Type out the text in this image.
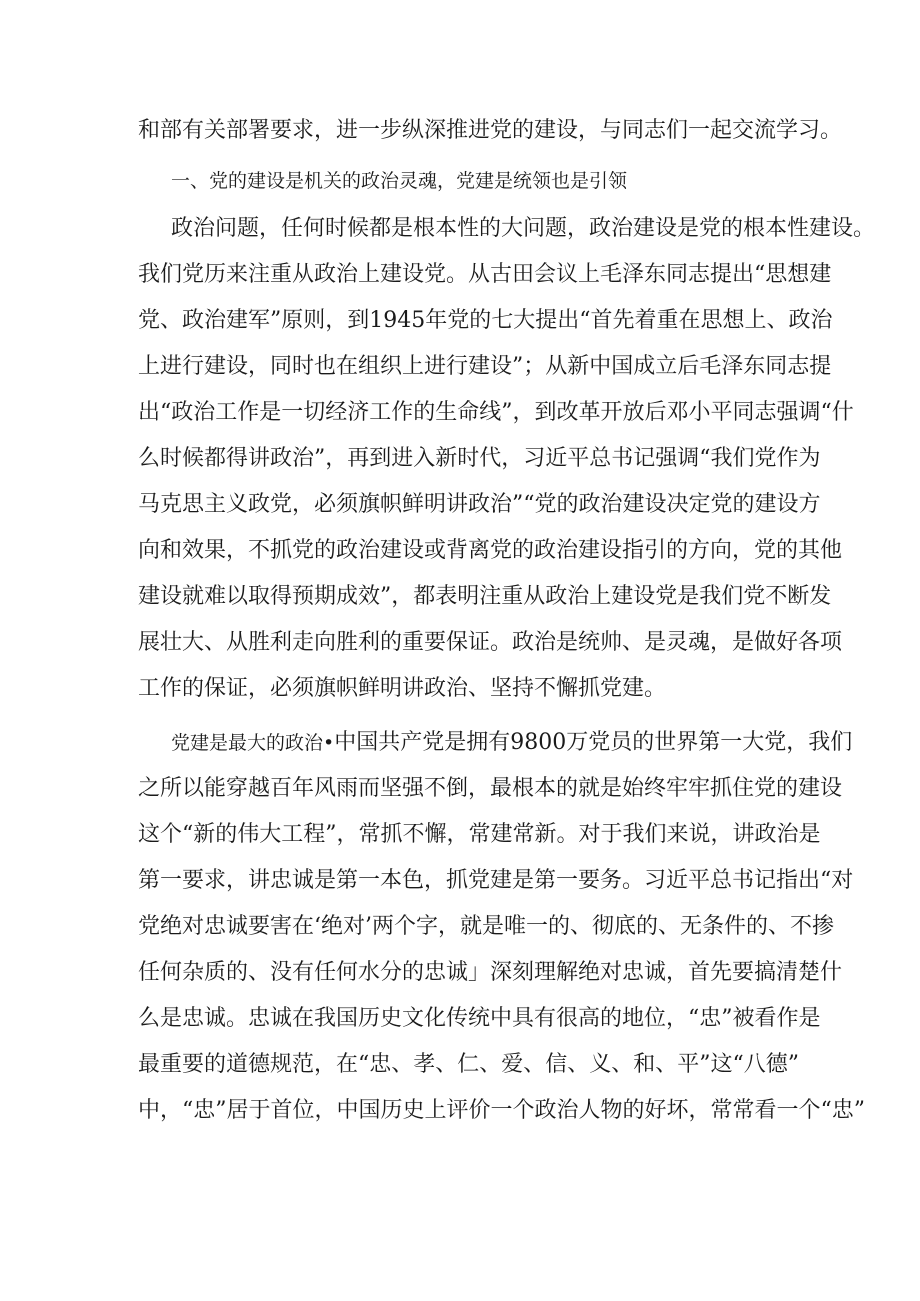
和部有关部署要求，进一步纵深推进党的建设，与同志们一起交流学习。
一、党的建设是机关的政治灵魂，党建是统领也是引领
政治问题，任何时候都是根本性的大问题，政治建设是党的根本性建设。
我们党历来注重从政治上建设党。从古田会议上毛泽东同志提出“思想建
党、政治建军”原则，到1945年党的七大提出“首先着重在思想上、政治
上进行建设，同时也在组织上进行建设”；从新中国成立后毛泽东同志提
出“政治工作是一切经济工作的生命线”，到改革开放后邓小平同志强调“什
么时候都得讲政治”，再到进入新时代，习近平总书记强调“我们党作为
马克思主义政党，必须旗帜鲜明讲政治”“党的政治建设决定党的建设方
向和效果，不抓党的政治建设或背离党的政治建设指引的方向，党的其他
建设就难以取得预期成效”，都表明注重从政治上建设党是我们党不断发
展壮大、从胜利走向胜利的重要保证。政治是统帅、是灵魂，是做好各项
工作的保证，必须旗帜鲜明讲政治、坚持不懈抓党建。
党建是最大的政治•中国共产党是拥有9800万党员的世界第一大党，我们
之所以能穿越百年风雨而坚强不倒，最根本的就是始终牢牢抓住党的建设
这个“新的伟大工程”，常抓不懈，常建常新。对于我们来说，讲政治是
第一要求，讲忠诚是第一本色，抓党建是第一要务。习近平总书记指出“对
党绝对忠诚要害在‘绝对’两个字，就是唯一的、彻底的、无条件的、不掺
任何杂质的、没有任何水分的忠诚」深刻理解绝对忠诚，首先要搞清楚什
么是忠诚。忠诚在我国历史文化传统中具有很高的地位，“忠”被看作是
最重要的道德规范，在“忠、孝、仁、爱、信、义、和、平”这“八德”
中，“忠”居于首位，中国历史上评价一个政治人物的好坏，常常看一个“忠”
